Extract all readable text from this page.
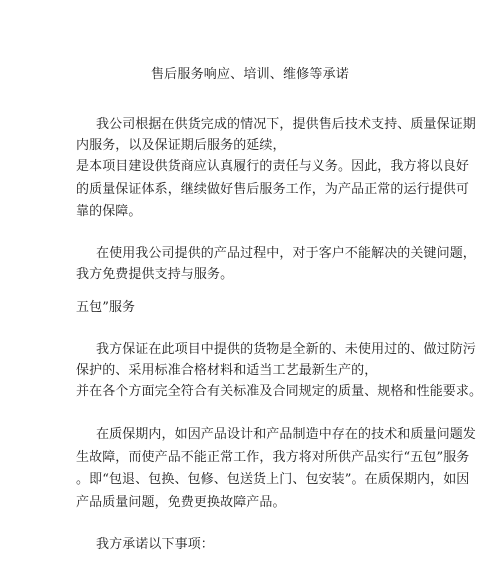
售后服务响应、培训、维修等承诺
我公司根据在供货完成的情况下，提供售后技术支持、质量保证期
内服务，以及保证期后服务的延续，
是本项目建设供货商应认真履行的责任与义务。因此，我方将以良好
的质量保证体系，继续做好售后服务工作，为产品正常的运行提供可
靠的保障。
在使用我公司提供的产品过程中，对于客户不能解决的关键问题，
我方免费提供支持与服务。
五包”服务
我方保证在此项目中提供的货物是全新的、未使用过的、做过防污
保护的、采用标准合格材料和适当工艺最新生产的，
并在各个方面完全符合有关标准及合同规定的质量、规格和性能要求。
在质保期内，如因产品设计和产品制造中存在的技术和质量问题发
生故障，而使产品不能正常工作，我方将对所供产品实行“五包”服务
。即“包退、包换、包修、包送货上门、包安装”。在质保期内，如因
产品质量问题，免费更换故障产品。
我方承诺以下事项：
